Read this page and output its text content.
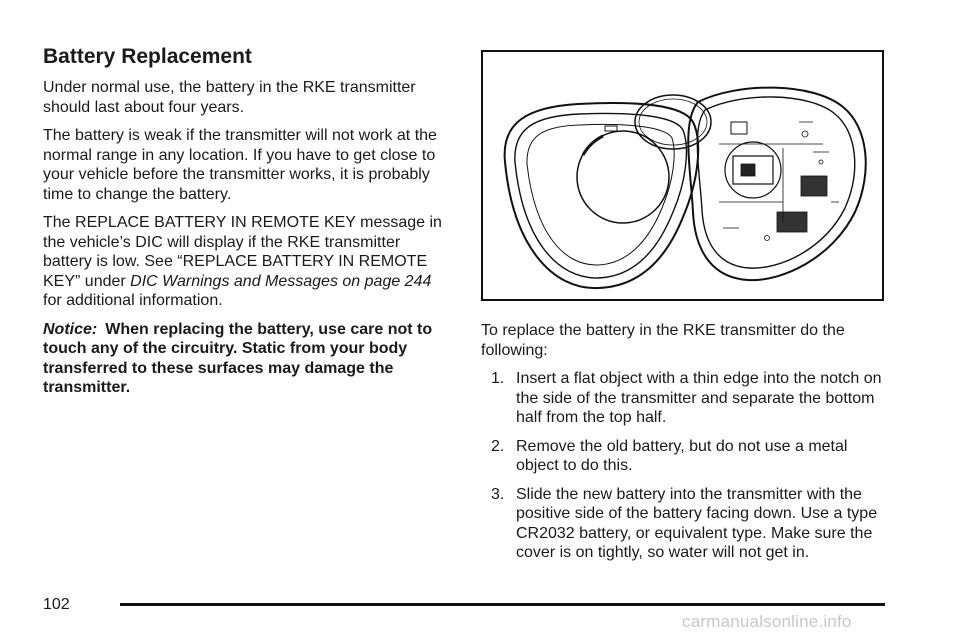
Battery Replacement

Under normal use, the battery in the RKE transmitter should last about four years.

The battery is weak if the transmitter will not work at the normal range in any location. If you have to get close to your vehicle before the transmitter works, it is probably time to change the battery.

The REPLACE BATTERY IN REMOTE KEY message in the vehicle’s DIC will display if the RKE transmitter battery is low. See “REPLACE BATTERY IN REMOTE KEY” under DIC Warnings and Messages on page 244 for additional information.

Notice: When replacing the battery, use care not to touch any of the circuitry. Static from your body transferred to these surfaces may damage the transmitter.

To replace the battery in the RKE transmitter do the following:

1. Insert a flat object with a thin edge into the notch on the side of the transmitter and separate the bottom half from the top half.
2. Remove the old battery, but do not use a metal object to do this.
3. Slide the new battery into the transmitter with the positive side of the battery facing down. Use a type CR2032 battery, or equivalent type. Make sure the cover is on tightly, so water will not get in.
102
carmanualsonline.info
